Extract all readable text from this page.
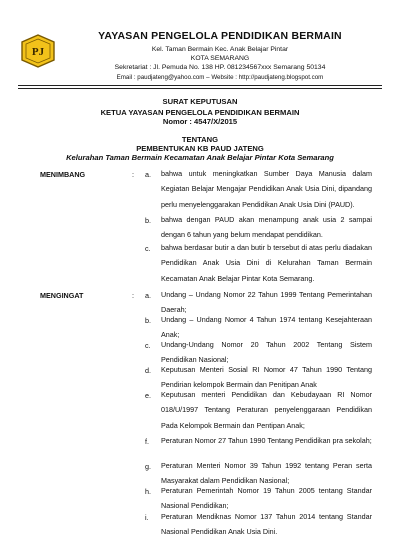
PJ
YAYASAN PENGELOLA PENDIDIKAN BERMAIN
Kel. Taman Bermain Kec. Anak Belajar Pintar
KOTA SEMARANG
Sekretariat : Jl. Pemuda No. 138 HP. 081234567xxx Semarang 50134
Email : paudjateng@yahoo.com – Website : http://paudjateng.blogspot.com
SURAT KEPUTUSAN
KETUA YAYASAN PENGELOLA PENDIDIKAN BERMAIN
Nomor : 4547/X/2015
TENTANG
PEMBENTUKAN KB PAUD JATENG
Kelurahan Taman Bermain Kecamatan Anak Belajar Pintar Kota Semarang
MENIMBANG	: a. bahwa untuk meningkatkan Sumber Daya Manusia dalam Kegiatan Belajar Mengajar Pendidikan Anak Usia Dini, dipandang perlu menyelenggarakan Pendidikan Anak Usia Dini (PAUD).
b. bahwa dengan PAUD akan menampung anak usia 2 sampai dengan 6 tahun yang belum mendapat pendidikan.
c. bahwa berdasar butir a dan butir b tersebut di atas perlu diadakan Pendidikan Anak Usia Dini di Kelurahan Taman Bermain Kecamatan Anak Belajar Pintar Kota Semarang.
MENGINGAT	: a. Undang – Undang Nomor 22 Tahun 1999 Tentang Pemerintahan Daerah;
b. Undang – Undang Nomor 4 Tahun 1974 tentang Kesejahteraan Anak;
c. Undang-Undang Nomor 20 Tahun 2002 Tentang Sistem Pendidikan Nasional;
d. Keputusan Menteri Sosial RI Nomor 47 Tahun 1990 Tentang Pendirian kelompok Bermain dan Penitipan Anak
e. Keputusan menteri Pendidikan dan Kebudayaan RI Nomor 018/U/1997 Tentang Peraturan penyelenggaraan Pendidikan Pada Kelompok Bermain dan Pentipan Anak;
f. Peraturan Nomor 27 Tahun 1990 Tentang Pendidikan pra sekolah;
g. Peraturan Menteri Nomor 39 Tahun 1992 tentang Peran serta Masyarakat dalam Pendidikan Nasional;
h. Peraturan Pemerintah Nomor 19 Tahun 2005 tentang Standar Nasional Pendidikan;
i. Peraturan Mendiknas Nomor 137 Tahun 2014 tentang Standar Nasional Pendidikan Anak Usia Dini.
